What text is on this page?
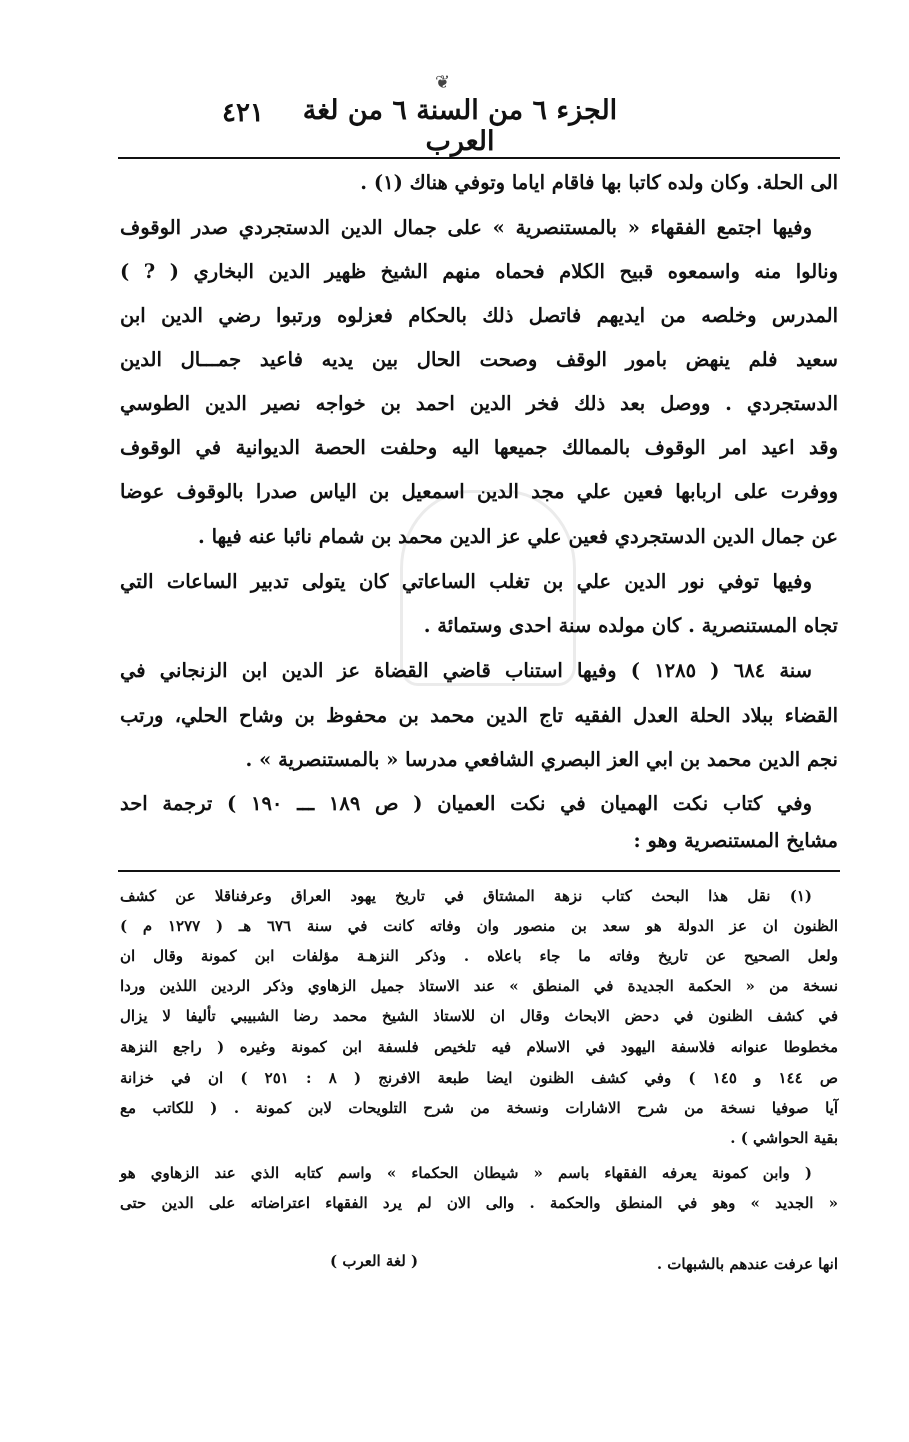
❦
الجزء ٦ من السنة ٦ من لغة العرب
٤٢١
الى الحلة. وكان ولده كاتبا بها فاقام اياما وتوفي هناك (١) .
وفيها اجتمع الفقهاء « بالمستنصرية » على جمال الدين الدستجردي صدر الوقوف
ونالوا منه واسمعوه قبيح الكلام فحماه منهم الشيخ ظهير الدين البخاري ( ? )
المدرس وخلصه من ايديهم فاتصل ذلك بالحكام فعزلوه ورتبوا رضي الدين ابن
سعيد فلم ينهض بامور الوقف وصحت الحال بين يديه فاعيد جمـــال الدين
الدستجردي . ووصل بعد ذلك فخر الدين احمد بن خواجه نصير الدين الطوسي
وقد اعيد امر الوقوف بالممالك جميعها اليه وحلفت الحصة الديوانية في الوقوف
ووفرت على اربابها فعين علي مجد الدين اسمعيل بن الياس صدرا بالوقوف عوضا
عن جمال الدين الدستجردي فعين علي عز الدين محمد بن شمام نائبا عنه فيها .
وفيها توفي نور الدين علي بن تغلب الساعاتي كان يتولى تدبير الساعات التي
تجاه المستنصرية . كان مولده سنة احدى وستمائة .
سنة ٦٨٤ ( ١٢٨٥ ) وفيها استناب قاضي القضاة عز الدين ابن الزنجاني في
القضاء ببلاد الحلة العدل الفقيه تاج الدين محمد بن محفوظ بن وشاح الحلي، ورتب
نجم الدين محمد بن ابي العز البصري الشافعي مدرسا « بالمستنصرية » .
وفي كتاب نكت الهميان في نكت العميان ( ص ١٨٩ ـــ ١٩٠ ) ترجمة احد
مشايخ المستنصرية وهو :
(١) نقل هذا البحث كتاب نزهة المشتاق في تاريخ يهود العراق وعرفناقلا عن كشف
الظنون ان عز الدولة هو سعد بن منصور وان وفاته كانت في سنة ٦٧٦ هـ ( ١٢٧٧ م )
ولعل الصحيح عن تاريخ وفاته ما جاء باعلاه . وذكر النزهـة مؤلفات ابن كمونة وقال ان
نسخة من « الحكمة الجديدة في المنطق » عند الاستاذ جميل الزهاوي وذكر الردين اللذين وردا
في كشف الظنون في دحض الابحاث وقال ان للاستاذ الشيخ محمد رضا الشبيبي تأليفا لا يزال
مخطوطا عنوانه فلاسفة اليهود في الاسلام فيه تلخيص فلسفة ابن كمونة وغيره ( راجع النزهة
ص ١٤٤ و ١٤٥ ) وفي كشف الظنون ايضا طبعة الافرنج ( ٨ : ٢٥١ ) ان في خزانة
آيا صوفيا نسخة من شرح الاشارات ونسخة من شرح التلويحات لابن كمونة . ( للكاتب مع
بقية الحواشي ) .
( وابن كمونة يعرفه الفقهاء باسم « شيطان الحكماء » واسم كتابه الذي عند الزهاوي هو
« الجديد » وهو في المنطق والحكمة . والى الان لم يرد الفقهاء اعتراضاته على الدين حتى
انها عرفت عندهم بالشبهات .
( لغة العرب )
